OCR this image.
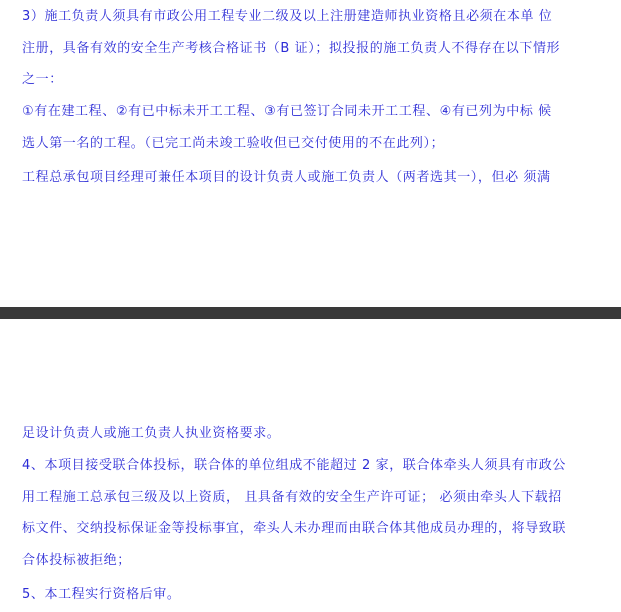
3）施工负责人须具有市政公用工程专业二级及以上注册建造师执业资格且必须在本单 位
注册，具备有效的安全生产考核合格证书（B 证）；拟投报的施工负责人不得存在以下情形
之一：
①有在建工程、②有已中标未开工工程、③有已签订合同未开工工程、④有已列为中标 候
选人第一名的工程。（已完工尚未竣工验收但已交付使用的不在此列）；
工程总承包项目经理可兼任本项目的设计负责人或施工负责人（两者选其一），但必 须满
足设计负责人或施工负责人执业资格要求。
4、本项目接受联合体投标，联合体的单位组成不能超过 2 家，联合体牵头人须具有市政公
用工程施工总承包三级及以上资质， 且具备有效的安全生产许可证； 必须由牵头人下载招
标文件、交纳投标保证金等投标事宜，牵头人未办理而由联合体其他成员办理的，将导致联
合体投标被拒绝；
5、本工程实行资格后审。
